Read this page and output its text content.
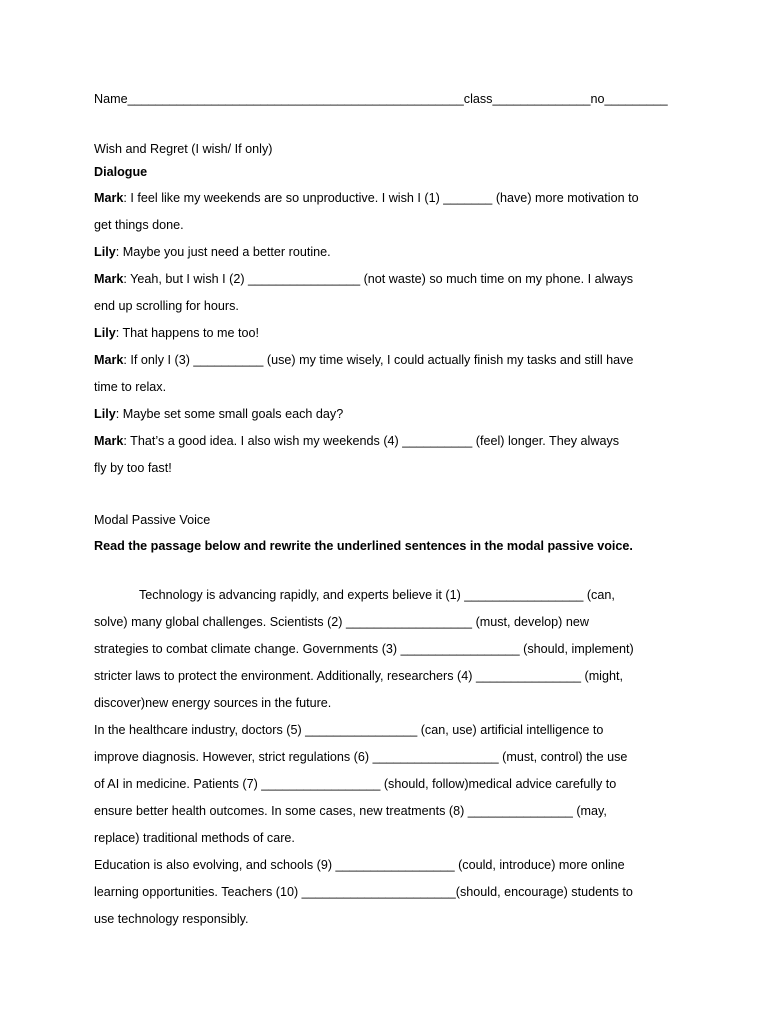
Name________________________________________________class______________no_________
Wish and Regret (I wish/ If only)
Dialogue
Mark: I feel like my weekends are so unproductive. I wish I (1) _______ (have) more motivation to
get things done.
Lily: Maybe you just need a better routine.
Mark: Yeah, but I wish I (2) ________________ (not waste) so much time on my phone. I always
end up scrolling for hours.
Lily: That happens to me too!
Mark: If only I (3) __________ (use) my time wisely, I could actually finish my tasks and still have
time to relax.
Lily: Maybe set some small goals each day?
Mark: That’s a good idea. I also wish my weekends (4) __________ (feel) longer. They always
fly by too fast!
Modal Passive Voice
Read the passage below and rewrite the underlined sentences in the modal passive voice.
Technology is advancing rapidly, and experts believe it (1) _________________ (can,
solve) many global challenges. Scientists (2) __________________ (must, develop) new
strategies to combat climate change. Governments (3) _________________ (should, implement)
stricter laws to protect the environment. Additionally, researchers (4) _______________ (might,
discover)new energy sources in the future.
In the healthcare industry, doctors (5) ________________ (can, use) artificial intelligence to
improve diagnosis. However, strict regulations (6) __________________ (must, control) the use
of AI in medicine. Patients (7) _________________ (should, follow)medical advice carefully to
ensure better health outcomes. In some cases, new treatments (8) _______________ (may,
replace) traditional methods of care.
Education is also evolving, and schools (9) _________________ (could, introduce) more online
learning opportunities. Teachers (10) ______________________(should, encourage) students to
use technology responsibly.
